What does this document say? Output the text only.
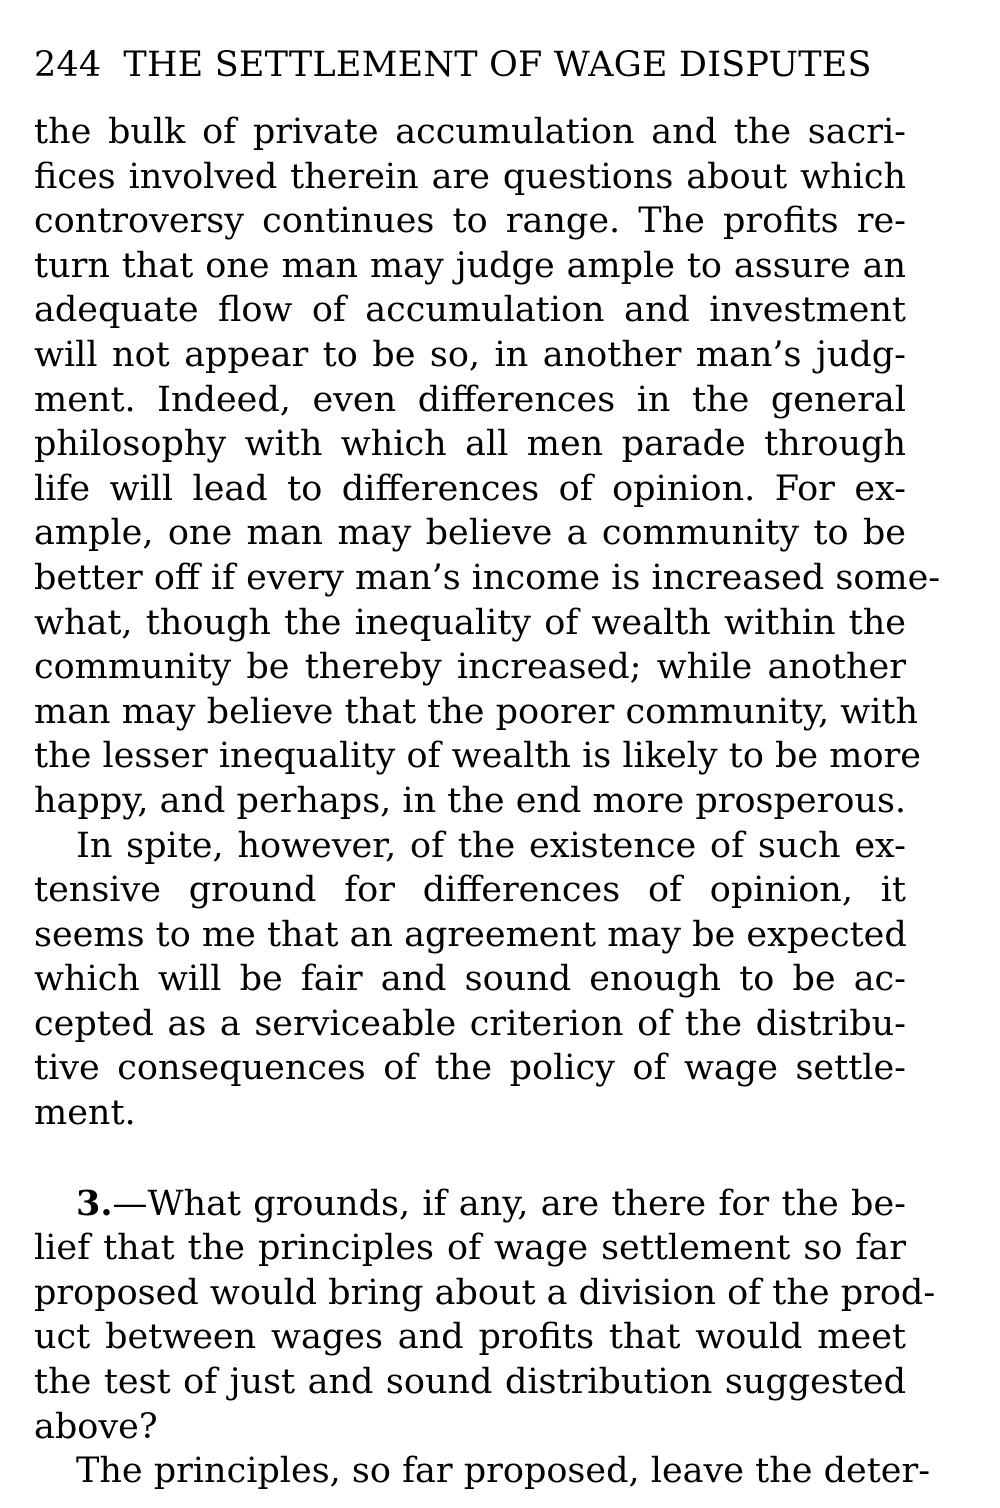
244 THE SETTLEMENT OF WAGE DISPUTES

the bulk of private accumulation and the sacri-
fices involved therein are questions about which
controversy continues to range. The profits re-
turn that one man may judge ample to assure an
adequate flow of accumulation and investment
will not appear to be so, in another man’s judg-
ment. Indeed, even differences in the general
philosophy with which all men parade through
life will lead to differences of opinion. For ex-
ample, one man may believe a community to be
better off if every man’s income is increased some-
what, though the inequality of wealth within the
community be thereby increased; while another
man may believe that the poorer community, with
the lesser inequality of wealth is likely to be more
happy, and perhaps, in the end more prosperous.

In spite, however, of the existence of such ex-
tensive ground for differences of opinion, it
seems to me that an agreement may be expected
which will be fair and sound enough to be ac-
cepted as a serviceable criterion of the distribu-
tive consequences of the policy of wage settle-
ment.

3.—What grounds, if any, are there for the be-
lief that the principles of wage settlement so far
proposed would bring about a division of the prod-
uct between wages and profits that would meet
the test of just and sound distribution suggested
above?

The principles, so far proposed, leave the deter-
